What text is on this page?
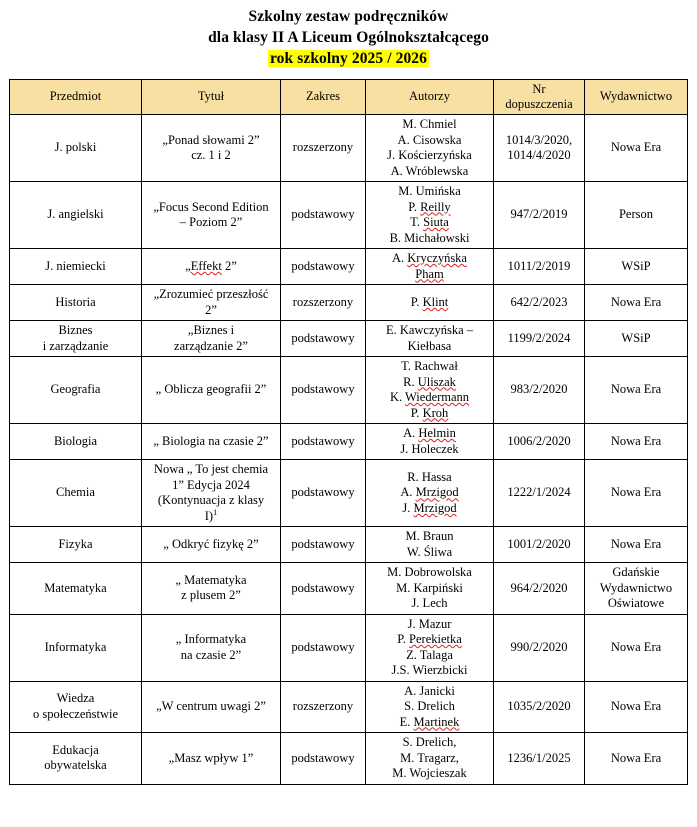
Szkolny zestaw podręczników
dla klasy II A Liceum Ogólnokształcącego
rok szkolny 2025 / 2026
Przedmiot	Tytuł	Zakres	Autorzy	Nr
dopuszczenia	Wydawnictwo

J. polski	„Ponad słowami 2”
cz. 1 i 2	rozszerzony	M. Chmiel
A. Cisowska
J. Kościerzyńska
A. Wróblewska	1014/3/2020,
1014/4/2020	Nowa Era

J. angielski	„Focus Second Edition
– Poziom 2”	podstawowy	M. Umińska
P. Reilly
T. Siuta
B. Michałowski	947/2/2019	Person

J. niemiecki	„Effekt 2”	podstawowy	A. Kryczyńska
Pham	1011/2/2019	WSiP

Historia	„Zrozumieć przeszłość
2”	rozszerzony	P. Klint	642/2/2023	Nowa Era

Biznes
i zarządzanie	„Biznes i
zarządzanie 2”	podstawowy	E. Kawczyńska –
Kiełbasa	1199/2/2024	WSiP

Geografia	„ Oblicza geografii 2”	podstawowy	T. Rachwał
R. Uliszak
K. Wiedermann
P. Kroh	983/2/2020	Nowa Era

Biologia	„ Biologia na czasie 2”	podstawowy	A. Helmin
J. Holeczek	1006/2/2020	Nowa Era

Chemia	Nowa „ To jest chemia
1” Edycja 2024
(Kontynuacja z klasy
I)$^1$	podstawowy	R. Hassa
A. Mrzigod
J. Mrzigod	1222/1/2024	Nowa Era

Fizyka	„ Odkryć fizykę 2”	podstawowy	M. Braun
W. Śliwa	1001/2/2020	Nowa Era

Matematyka	„ Matematyka
z plusem 2”	podstawowy	M. Dobrowolska
M. Karpiński
J. Lech	964/2/2020	Gdańskie
Wydawnictwo
Oświatowe

Informatyka	„ Informatyka
na czasie 2”	podstawowy	J. Mazur
P. Perekietka
Z. Talaga
J.S. Wierzbicki	990/2/2020	Nowa Era

Wiedza
o społeczeństwie	„W centrum uwagi 2”	rozszerzony	A. Janicki
S. Drelich
E. Martinek	1035/2/2020	Nowa Era

Edukacja
obywatelska	„Masz wpływ 1”	podstawowy	S. Drelich,
M. Tragarz,
M. Wojcieszak	1236/1/2025	Nowa Era
